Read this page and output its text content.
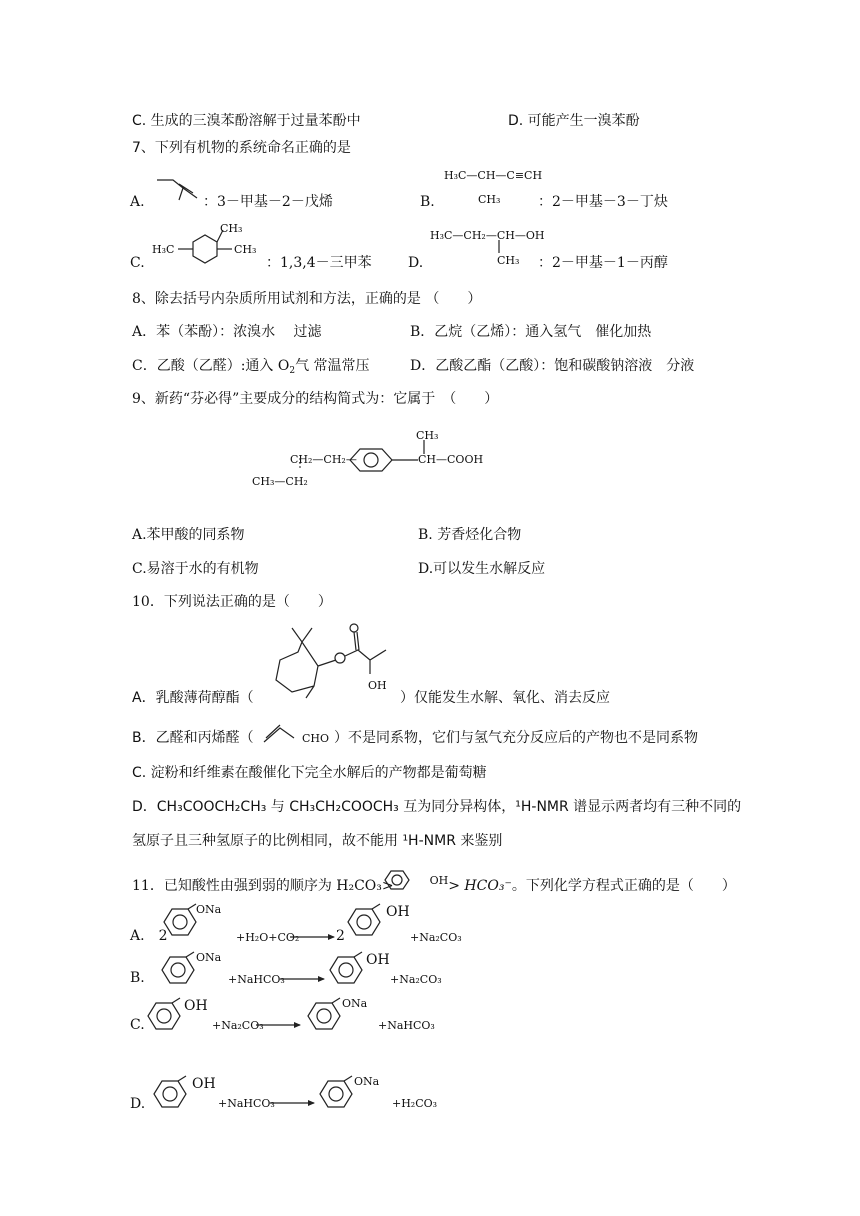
C. 生成的三溴苯酚溶解于过量苯酚中	D. 可能产生一溴苯酚
7、下列有机物的系统命名正确的是
A.	：3－甲基－2－戊烯	B.
H₃C—CH—C≡CH
CH₃	：2－甲基－3－丁炔
C.
CH₃
H₃C	CH₃
：1,3,4－三甲苯	D.
H₃C—CH₂—CH—OH
CH₃ ：2－甲基－1－丙醇
8、除去括号内杂质所用试剂和方法，正确的是 （　　）
A．苯（苯酚）：浓溴水　 过滤	B．乙烷（乙烯）：通入氢气　催化加热
C．乙酸（乙醛）:通入 $O_2$气 常温常压	D．乙酸乙酯（乙酸）：饱和碳酸钠溶液　分液
9、新药“芬必得”主要成分的结构简式为：它属于　（　　）
CH₃
CH₂—CH₂—
CH₃—CH₂
CH—COOH
A.苯甲酸的同系物	B. 芳香烃化合物
C.易溶于水的有机物	D.可以发生水解反应
10．下列说法正确的是（　　）
A．乳酸薄荷醇酯（
OH
）仅能发生水解、氧化、消去反应
B．乙醛和丙烯醛（	CHO ）不是同系物，它们与氢气充分反应后的产物也不是同系物
C. 淀粉和纤维素在酸催化下完全水解后的产物都是葡萄糖
D．CH₃COOCH₂CH₃ 与 CH₃CH₂COOCH₃ 互为同分异构体，¹H-NMR 谱显示两者均有三种不同的
氢原子且三种氢原子的比例相同，故不能用 ¹H-NMR 来鉴别
11．已知酸性由强到弱的顺序为 H₂CO₃>	$^{OH}$> HCO₃⁻。下列化学方程式正确的是（　　）
A.　 2
ONa
+H₂O+CO₂	2
OH
+Na₂CO₃
B.
ONa
+NaHCO₃
OH
+Na₂CO₃
C.
OH
+Na₂CO₃
ONa
+NaHCO₃
D.
OH
+NaHCO₃
ONa
+H₂CO₃
